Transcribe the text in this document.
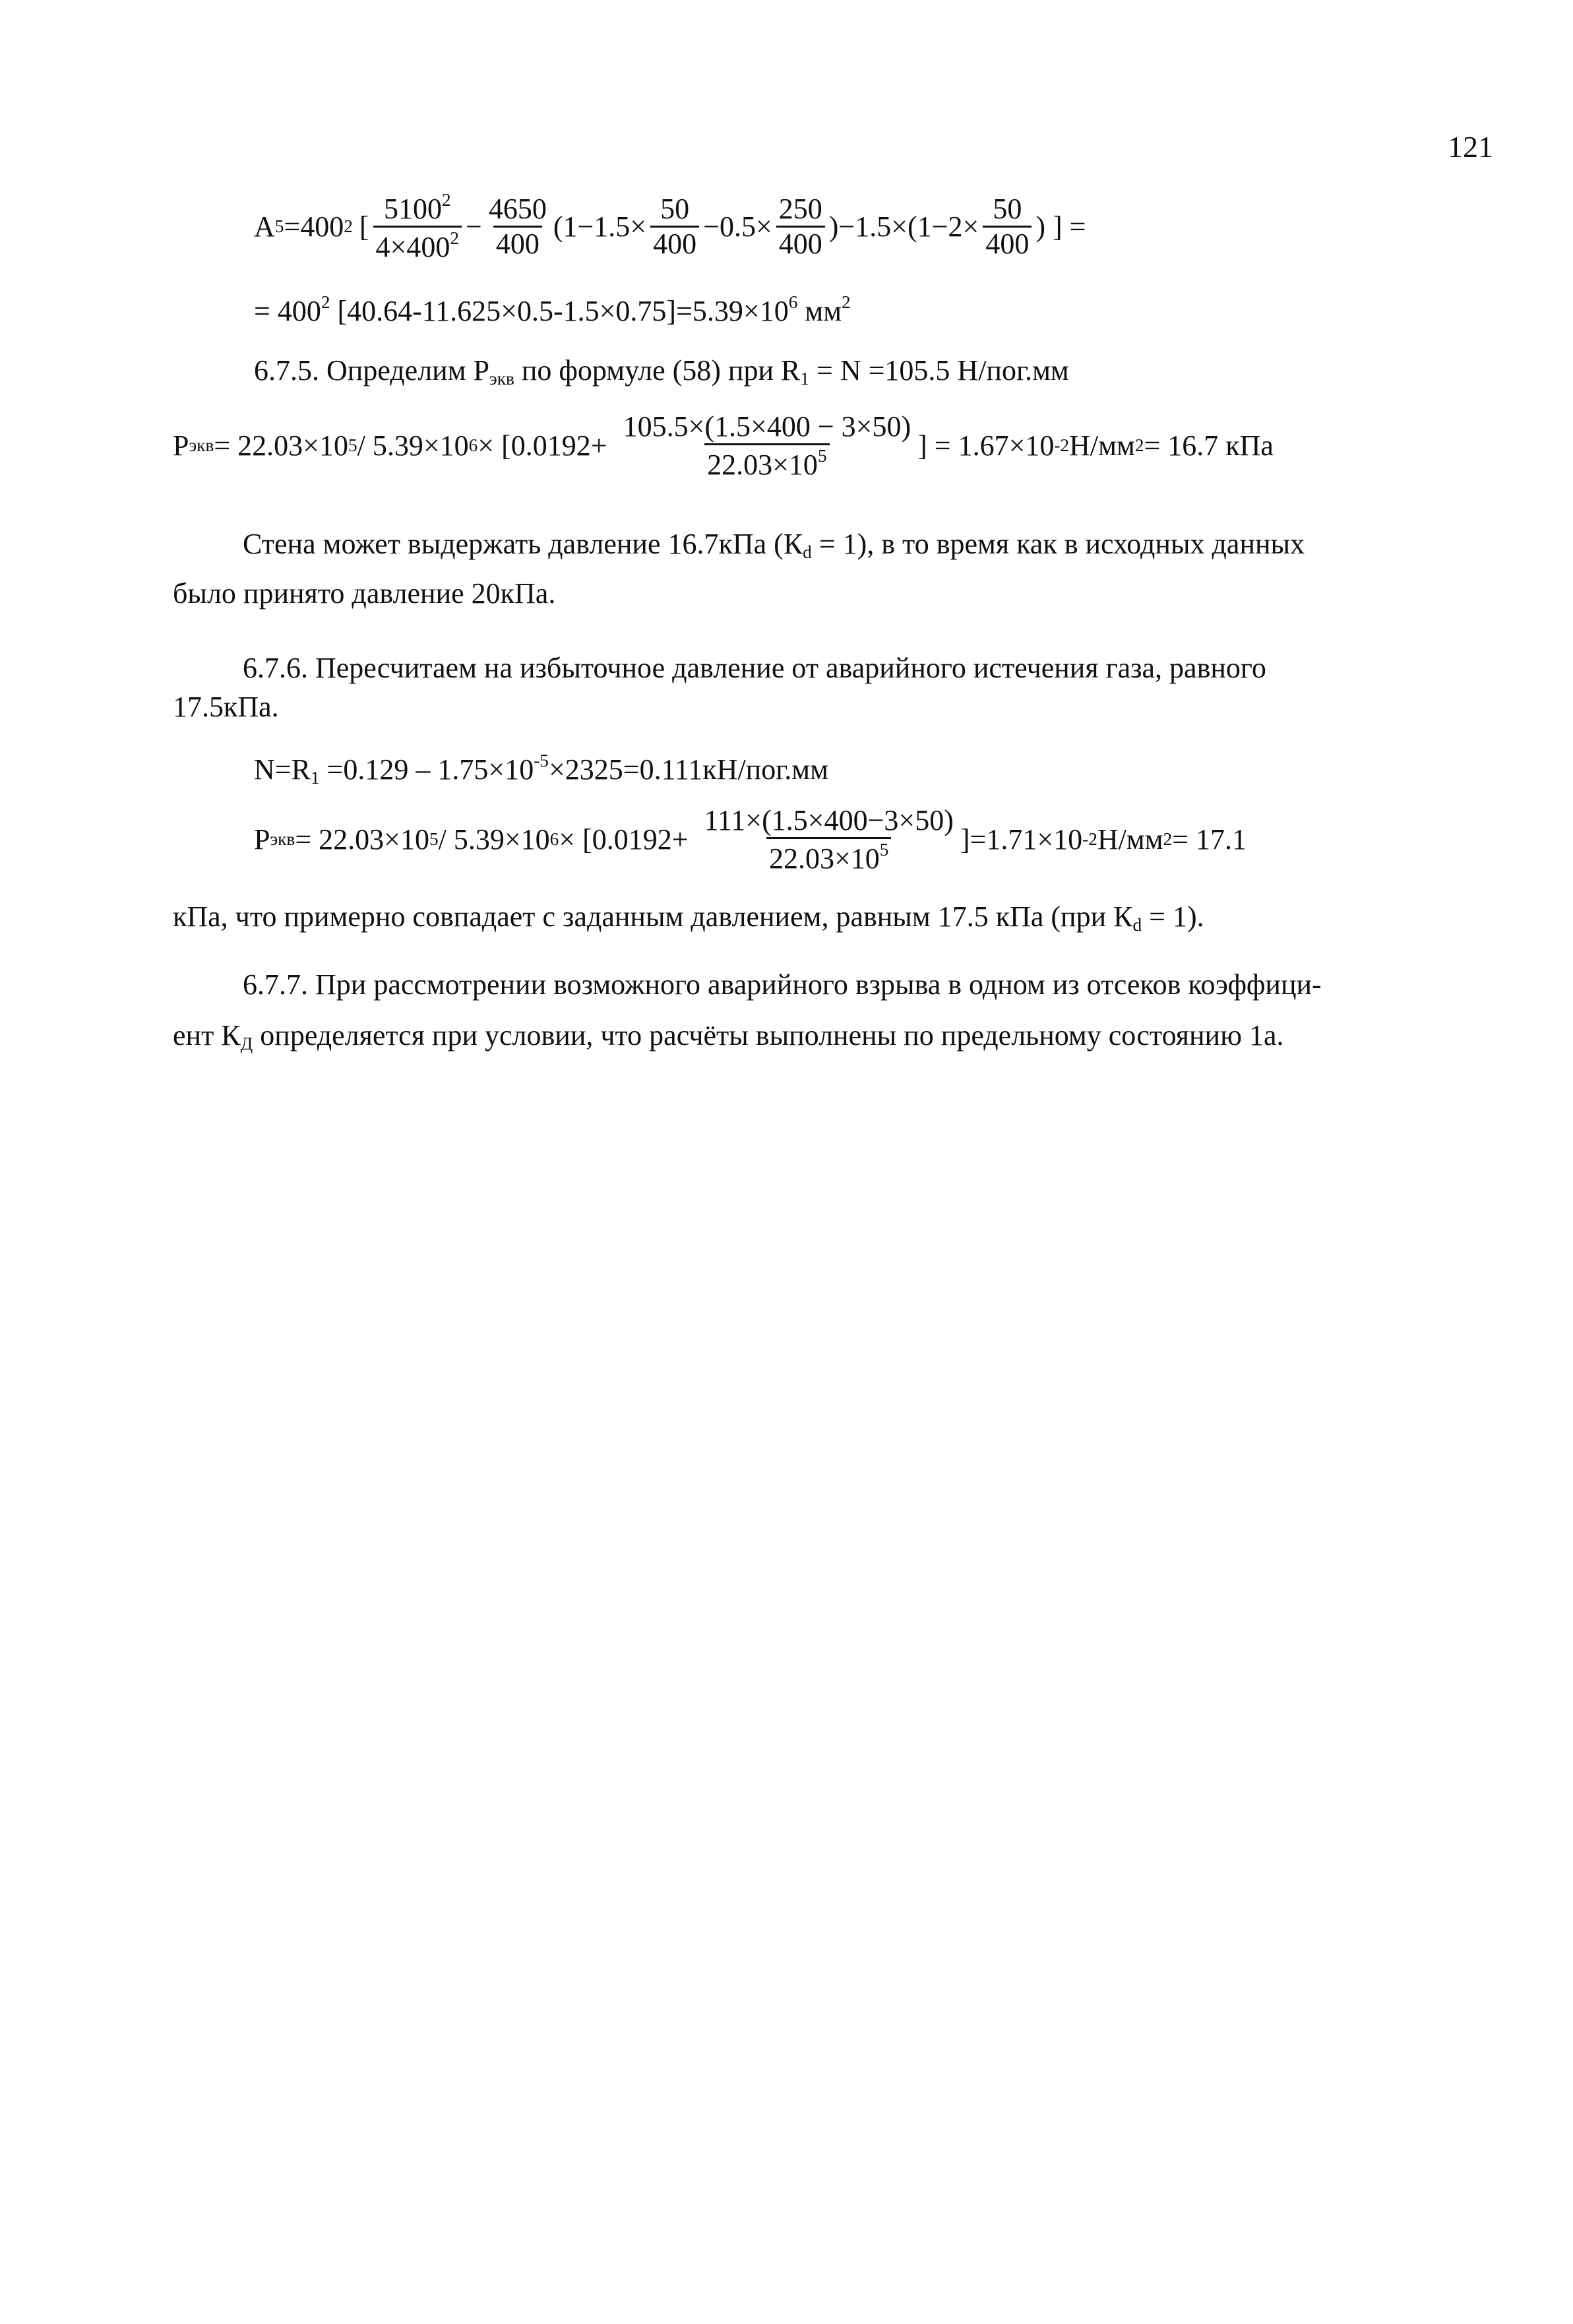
121
A 5 =400 2 [ $\frac{5100^2}{4\times 400^2} - \frac{4650}{400} (1-1.5\times \frac{50}{400} -0.5\times \frac{250}{400} )-1.5\times(1-2\times \frac{50}{400}$ ) ] =
= $400^2$ $[40.64-11.625\times 0.5-1.5\times 0.75]=5.39\times 10^6$ $мм^2$
6.7.5. Определим $Р_{экв}$ по формуле (58) при $R_1 = N =105.5$ Н/пог.мм
Р экв = 22.03×10 5 / 5.39×10 $6 \times [0.0192+ \frac{105.5\times(1.5\times 400 - 3\times 50)}{22.03\times 10^5}$ ] = 1.67×10 -2 Н/мм 2 = 16.7 кПа
Стена может выдержать давление 16.7кПа $(К_d = 1)$, в то время как в исходных данных
было принято давление 20кПа.
6.7.6. Пересчитаем на избыточное давление от аварийного истечения газа, равного
17.5кПа.
$N=R_1 =0.129 - 1.75\times 10^{-5}\times 2325=0.111кН/пог.мм$
Р экв = 22.03×10 5 / 5.39×10 $6 \times [0.0192+ \frac{111\times(1.5\times 400-3\times 50)}{22.03\times 10^5} ]=1.71\times 10$ -2 Н/мм 2 = 17.1
кПа, что примерно совпадает с заданным давлением, равным 17.5 кПа (при $К_d = 1$).
6.7.7. При рассмотрении возможного аварийного взрыва в одном из отсеков коэффици-
ент $К_Д$ определяется при условии, что расчёты выполнены по предельному состоянию 1а.
